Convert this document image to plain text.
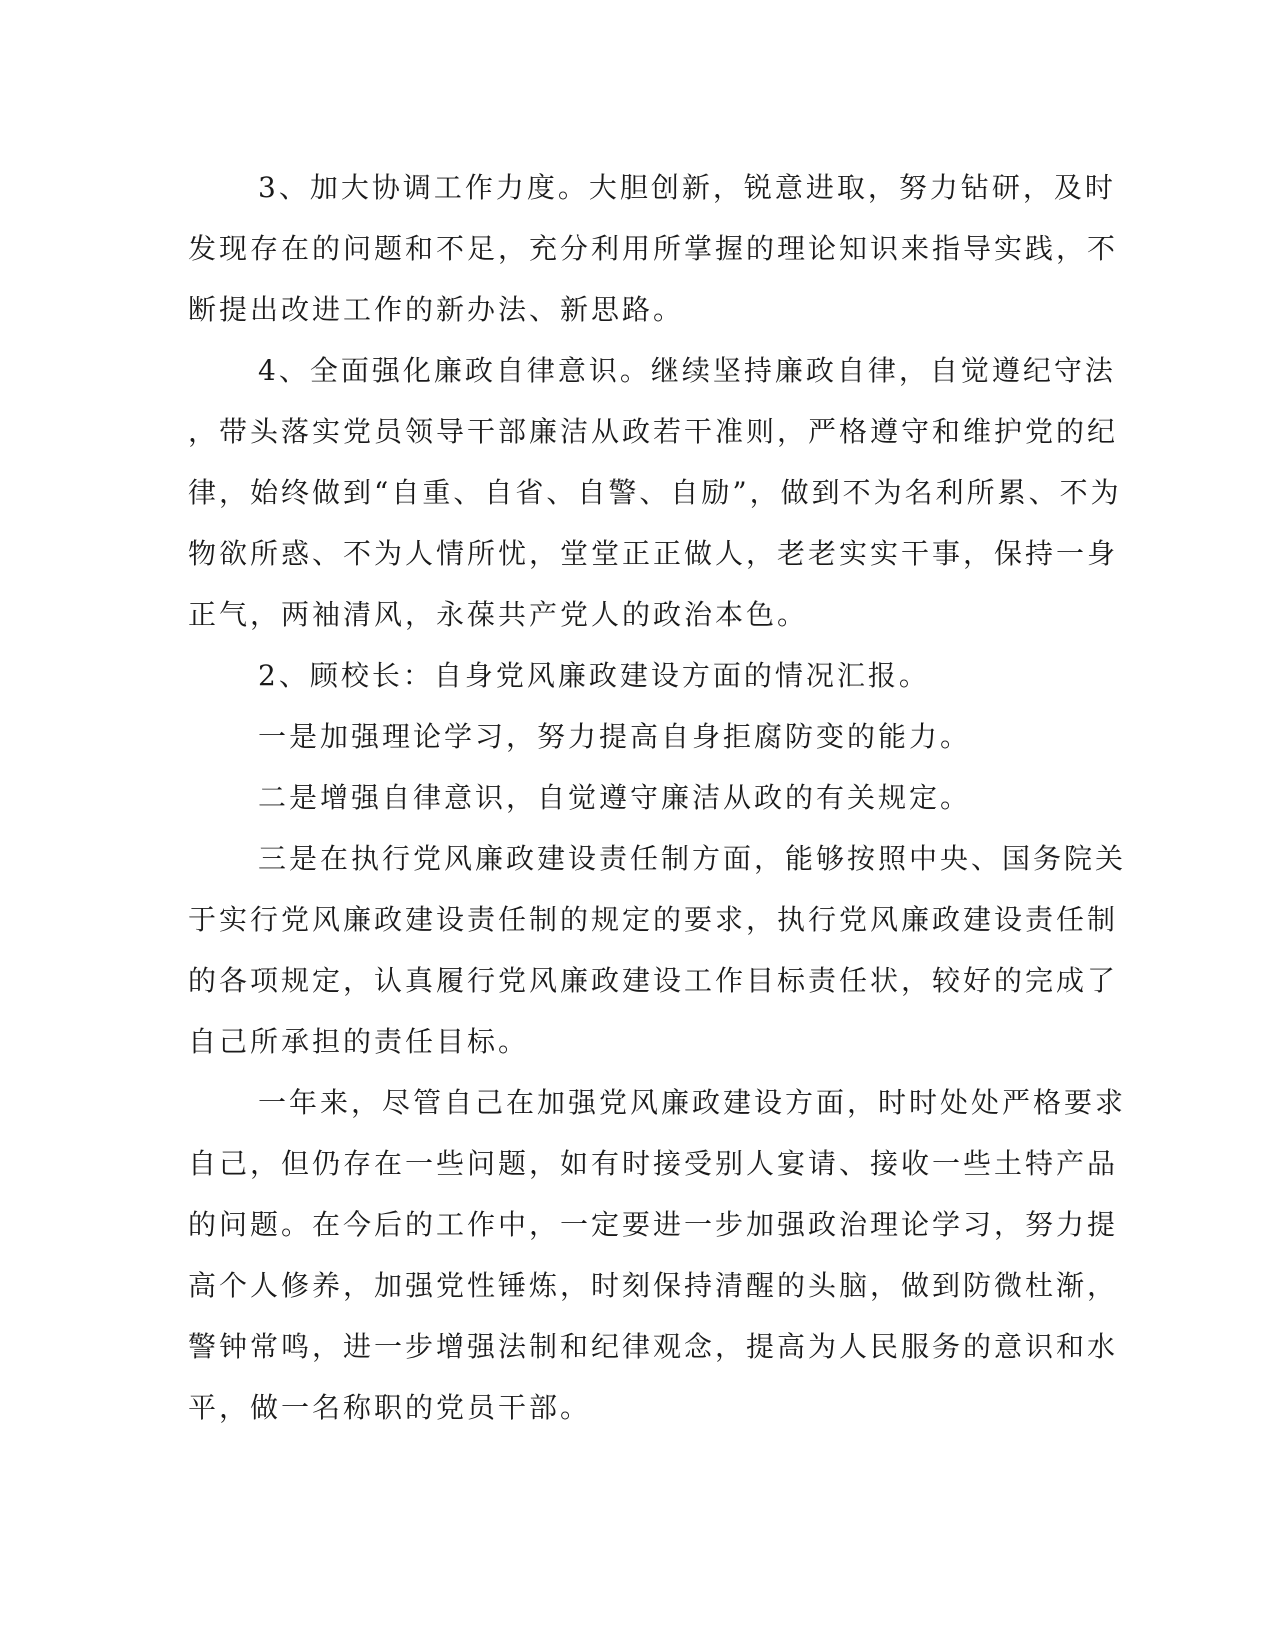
3、加大协调工作力度。大胆创新，锐意进取，努力钻研，及时
发现存在的问题和不足，充分利用所掌握的理论知识来指导实践，不
断提出改进工作的新办法、新思路。
4、全面强化廉政自律意识。继续坚持廉政自律，自觉遵纪守法
，带头落实党员领导干部廉洁从政若干准则，严格遵守和维护党的纪
律，始终做到“自重、自省、自警、自励”，做到不为名利所累、不为
物欲所惑、不为人情所忧，堂堂正正做人，老老实实干事，保持一身
正气，两袖清风，永葆共产党人的政治本色。
2、顾校长：自身党风廉政建设方面的情况汇报。
一是加强理论学习，努力提高自身拒腐防变的能力。
二是增强自律意识，自觉遵守廉洁从政的有关规定。
三是在执行党风廉政建设责任制方面，能够按照中央、国务院关
于实行党风廉政建设责任制的规定的要求，执行党风廉政建设责任制
的各项规定，认真履行党风廉政建设工作目标责任状，较好的完成了
自己所承担的责任目标。
一年来，尽管自己在加强党风廉政建设方面，时时处处严格要求
自己，但仍存在一些问题，如有时接受别人宴请、接收一些土特产品
的问题。在今后的工作中，一定要进一步加强政治理论学习，努力提
高个人修养，加强党性锤炼，时刻保持清醒的头脑，做到防微杜渐，
警钟常鸣，进一步增强法制和纪律观念，提高为人民服务的意识和水
平，做一名称职的党员干部。
